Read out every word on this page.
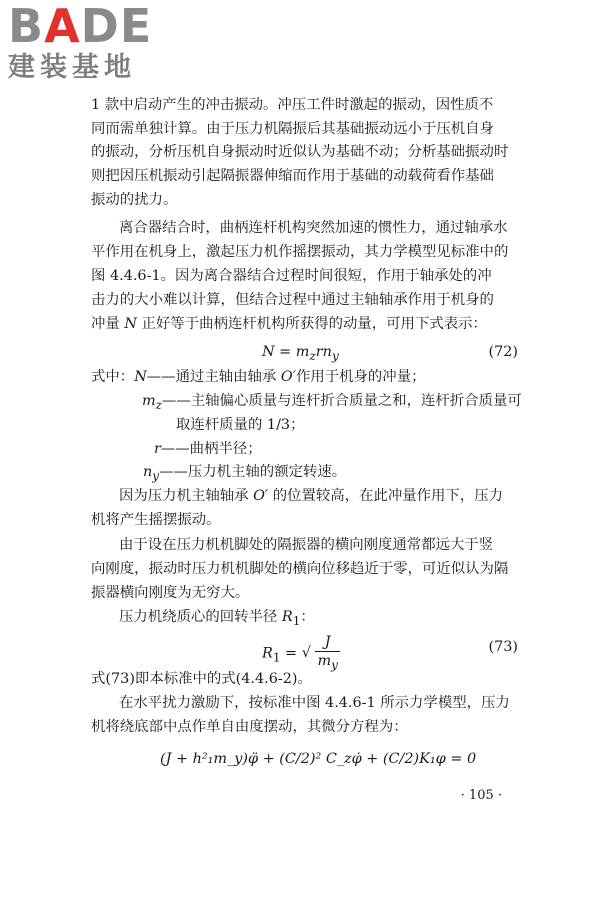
BADE
建装基地
1 款中启动产生的冲击振动。冲压工件时激起的振动，因性质不
同而需单独计算。由于压力机隔振后其基础振动远小于压机自身
的振动，分析压机自身振动时近似认为基础不动；分析基础振动时
则把因压机振动引起隔振器伸缩而作用于基础的动载荷看作基础
振动的扰力。
离合器结合时，曲柄连杆机构突然加速的惯性力，通过轴承水
平作用在机身上，激起压力机作摇摆振动，其力学模型见标准中的
图 4.4.6-1。因为离合器结合过程时间很短，作用于轴承处的冲
击力的大小难以计算，但结合过程中通过主轴轴承作用于机身的
冲量 N 正好等于曲柄连杆机构所获得的动量，可用下式表示：
$N = m_zrn_y$	(72)
式中：N——通过主轴由轴承 O′作用于机身的冲量；
$m_z——$主轴偏心质量与连杆折合质量之和，连杆折合质量可
取连杆质量的 1/3；
r——曲柄半径；
$n_y——$压力机主轴的额定转速。
因为压力机主轴轴承 O′ 的位置较高，在此冲量作用下，压力
机将产生摇摆振动。
由于设在压力机机脚处的隔振器的横向刚度通常都远大于竖
向刚度，振动时压力机机脚处的横向位移趋近于零，可近似认为隔
振器横向刚度为无穷大。
压力机绕质心的回转半径 $R_1$：
$R_1$ = √ $\frac{J}{m_y}$	(73)
式(73)即本标准中的式(4.4.6-2)。
在水平扰力激励下，按标准中图 4.4.6-1 所示力学模型，压力
机将绕底部中点作单自由度摆动，其微分方程为：
(J + h²₁m_y)φ̈ + (C/2)² C_zφ̇ + (C/2)K₁φ = 0
· 105 ·
